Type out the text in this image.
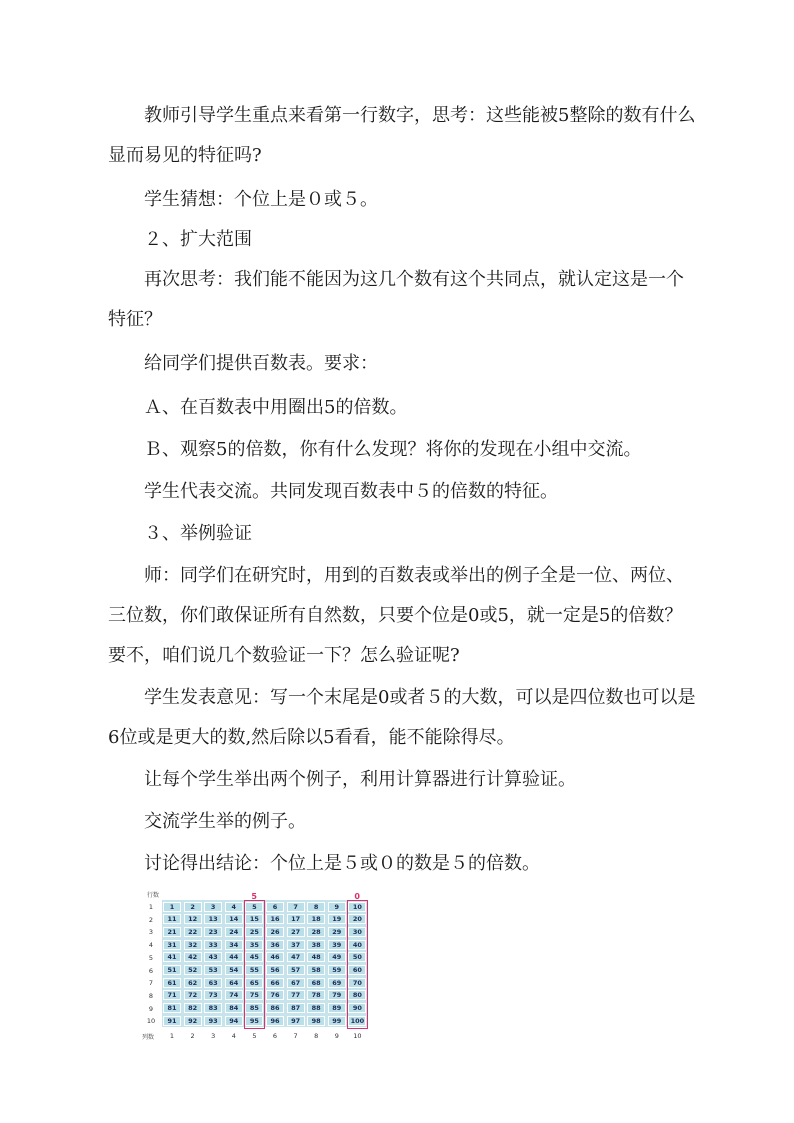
　　教师引导学生重点来看第一行数字，思考：这些能被5整除的数有什么显而易见的特征吗?
　　学生猜想：个位上是０或５。
　　２、扩大范围
　　再次思考：我们能不能因为这几个数有这个共同点，就认定这是一个特征？
　　给同学们提供百数表。要求：
　　Ａ、在百数表中用圈出5的倍数。
　　Ｂ、观察5的倍数，你有什么发现？将你的发现在小组中交流。
　　学生代表交流。共同发现百数表中５的倍数的特征。
　　３、举例验证
　　师：同学们在研究时，用到的百数表或举出的例子全是一位、两位、三位数，你们敢保证所有自然数，只要个位是0或5，就一定是5的倍数？要不，咱们说几个数验证一下？怎么验证呢?
　　学生发表意见：写一个末尾是0或者５的大数，可以是四位数也可以是6位或是更大的数,然后除以5看看，能不能除得尽。
　　让每个学生举出两个例子，利用计算器进行计算验证。
　　交流学生举的例子。
　　讨论得出结论：个位上是５或０的数是５的倍数。
行数
列数
1	2	3	4	5	6	7	8	9	10
11	12	13	14	15	16	17	18	19	20
21	22	23	24	25	26	27	28	29	30
31	32	33	34	35	36	37	38	39	40
41	42	43	44	45	46	47	48	49	50
51	52	53	54	55	56	57	58	59	60
61	62	63	64	65	66	67	68	69	70
71	72	73	74	75	76	77	78	79	80
81	82	83	84	85	86	87	88	89	90
91	92	93	94	95	96	97	98	99	100
1
2
3
4
5
6
7
8
9
10
1	2	3	4	5	6	7	8	9	10
5	0
